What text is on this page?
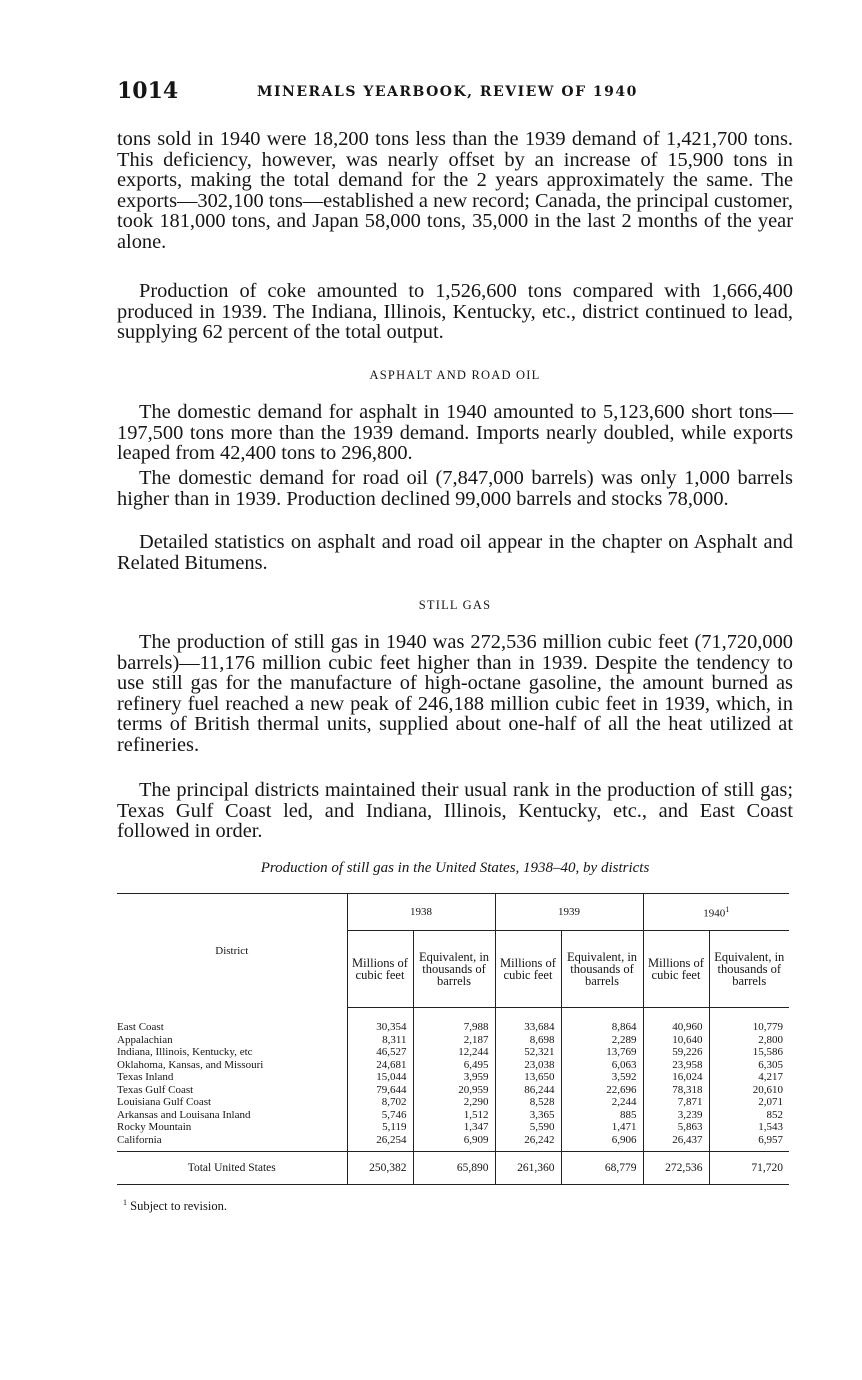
1014	MINERALS YEARBOOK, REVIEW OF 1940

tons sold in 1940 were 18,200 tons less than the 1939 demand of 1,421,700 tons. This deficiency, however, was nearly offset by an increase of 15,900 tons in exports, making the total demand for the 2 years approximately the same. The exports—302,100 tons—established a new record; Canada, the principal customer, took 181,000 tons, and Japan 58,000 tons, 35,000 in the last 2 months of the year alone.

Production of coke amounted to 1,526,600 tons compared with 1,666,400 produced in 1939. The Indiana, Illinois, Kentucky, etc., district continued to lead, supplying 62 percent of the total output.

ASPHALT AND ROAD OIL

The domestic demand for asphalt in 1940 amounted to 5,123,600 short tons—197,500 tons more than the 1939 demand. Imports nearly doubled, while exports leaped from 42,400 tons to 296,800.

The domestic demand for road oil (7,847,000 barrels) was only 1,000 barrels higher than in 1939. Production declined 99,000 barrels and stocks 78,000.

Detailed statistics on asphalt and road oil appear in the chapter on Asphalt and Related Bitumens.

STILL GAS

The production of still gas in 1940 was 272,536 million cubic feet (71,720,000 barrels)—11,176 million cubic feet higher than in 1939. Despite the tendency to use still gas for the manufacture of high-octane gasoline, the amount burned as refinery fuel reached a new peak of 246,188 million cubic feet in 1939, which, in terms of British thermal units, supplied about one-half of all the heat utilized at refineries.

The principal districts maintained their usual rank in the production of still gas; Texas Gulf Coast led, and Indiana, Illinois, Kentucky, etc., and East Coast followed in order.

Production of still gas in the United States, 1938–40, by districts
District	1938		1939		1940$^1$
	Millions of cubic feet	Equivalent, in thousands of barrels	Millions of cubic feet	Equivalent, in thousands of barrels	Millions of cubic feet	Equivalent, in thousands of barrels
East Coast	30,354	7,988	33,684	8,864	40,960	10,779
Appalachian	8,311	2,187	8,698	2,289	10,640	2,800
Indiana, Illinois, Kentucky, etc	46,527	12,244	52,321	13,769	59,226	15,586
Oklahoma, Kansas, and Missouri	24,681	6,495	23,038	6,063	23,958	6,305
Texas Inland	15,044	3,959	13,650	3,592	16,024	4,217
Texas Gulf Coast	79,644	20,959	86,244	22,696	78,318	20,610
Louisiana Gulf Coast	8,702	2,290	8,528	2,244	7,871	2,071
Arkansas and Louisana Inland	5,746	1,512	3,365	885	3,239	852
Rocky Mountain	5,119	1,347	5,590	1,471	5,863	1,543
California	26,254	6,909	26,242	6,906	26,437	6,957
Total United States	250,382	65,890	261,360	68,779	272,536	71,720
$^1$ Subject to revision.
